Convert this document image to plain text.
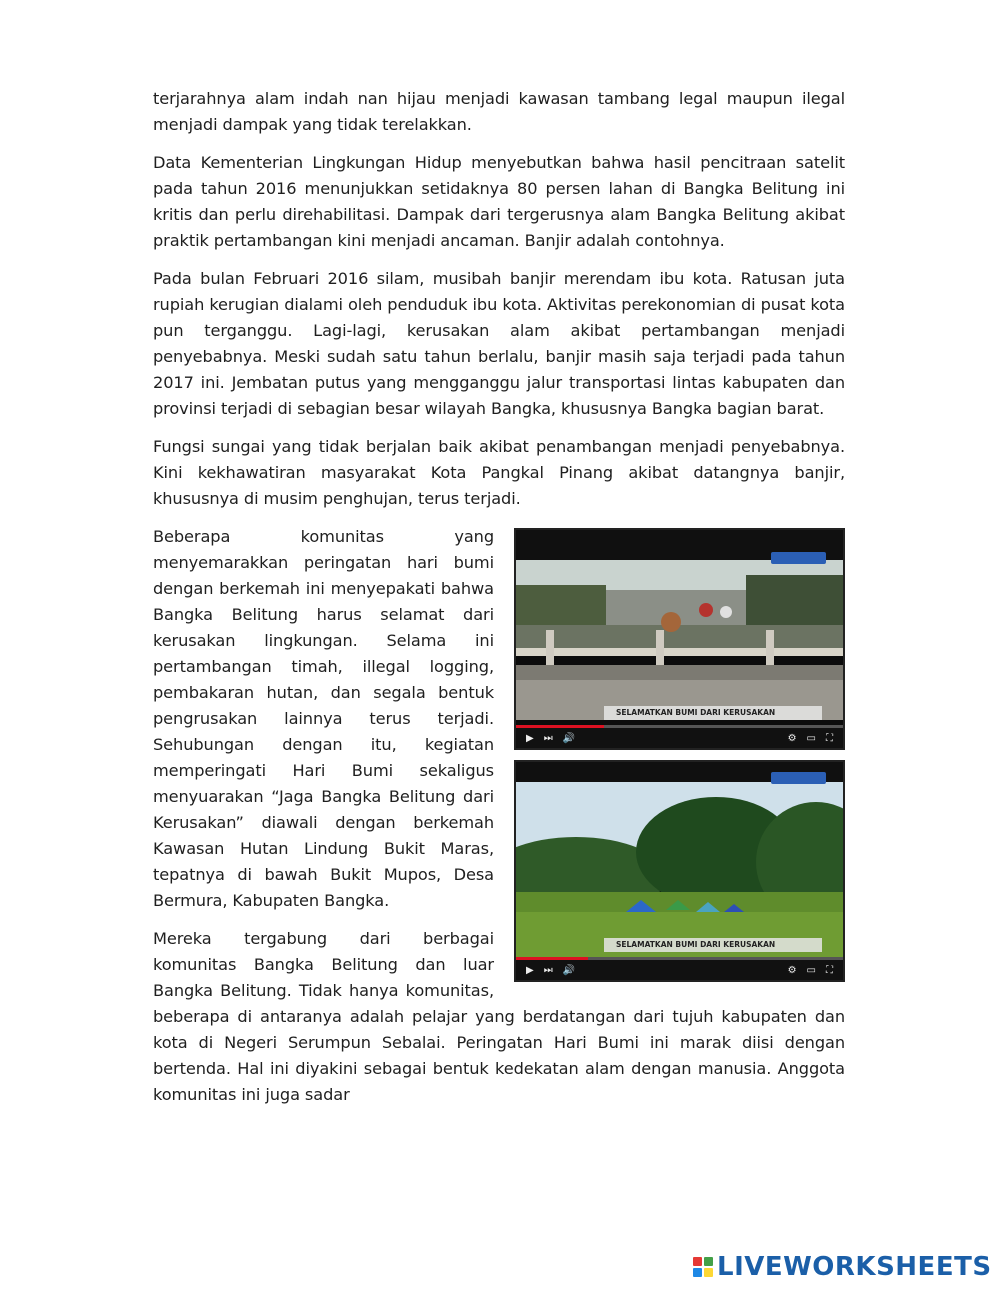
terjarahnya alam indah nan hijau menjadi kawasan tambang legal maupun ilegal menjadi dampak yang tidak terelakkan.

Data Kementerian Lingkungan Hidup menyebutkan bahwa hasil pencitraan satelit pada tahun 2016 menunjukkan setidaknya 80 persen lahan di Bangka Belitung ini kritis dan perlu direhabilitasi. Dampak dari tergerusnya alam Bangka Belitung akibat praktik pertambangan kini menjadi ancaman. Banjir adalah contohnya.

Pada bulan Februari 2016 silam, musibah banjir merendam ibu kota. Ratusan juta rupiah kerugian dialami oleh penduduk ibu kota. Aktivitas perekonomian di pusat kota pun terganggu. Lagi-lagi, kerusakan alam akibat pertambangan menjadi penyebabnya. Meski sudah satu tahun berlalu, banjir masih saja terjadi pada tahun 2017 ini. Jembatan putus yang mengganggu jalur transportasi lintas kabupaten dan provinsi terjadi di sebagian besar wilayah Bangka, khususnya Bangka bagian barat.

Fungsi sungai yang tidak berjalan baik akibat penambangan menjadi penyebabnya. Kini kekhawatiran masyarakat Kota Pangkal Pinang akibat datangnya banjir, khususnya di musim penghujan, terus terjadi.

SELAMATKAN BUMI DARI KERUSAKAN
▶ ⏭ 🔊	⚙ ▭ ⛶
SELAMATKAN BUMI DARI KERUSAKAN
▶ ⏭ 🔊	⚙ ▭ ⛶

Beberapa komunitas yang menyemarakkan peringatan hari bumi dengan berkemah ini menyepakati bahwa Bangka Belitung harus selamat dari kerusakan lingkungan. Selama ini pertambangan timah, illegal logging, pembakaran hutan, dan segala bentuk pengrusakan lainnya terus terjadi. Sehubungan dengan itu, kegiatan memperingati Hari Bumi sekaligus menyuarakan “Jaga Bangka Belitung dari Kerusakan” diawali dengan berkemah Kawasan Hutan Lindung Bukit Maras, tepatnya di bawah Bukit Mupos, Desa Bermura, Kabupaten Bangka.

Mereka tergabung dari berbagai komunitas Bangka Belitung dan luar Bangka Belitung. Tidak hanya komunitas, beberapa di antaranya adalah pelajar yang berdatangan dari tujuh kabupaten dan kota di Negeri Serumpun Sebalai. Peringatan Hari Bumi ini marak diisi dengan bertenda. Hal ini diyakini sebagai bentuk kedekatan alam dengan manusia. Anggota komunitas ini juga sadar

LIVEWORKSHEETS
